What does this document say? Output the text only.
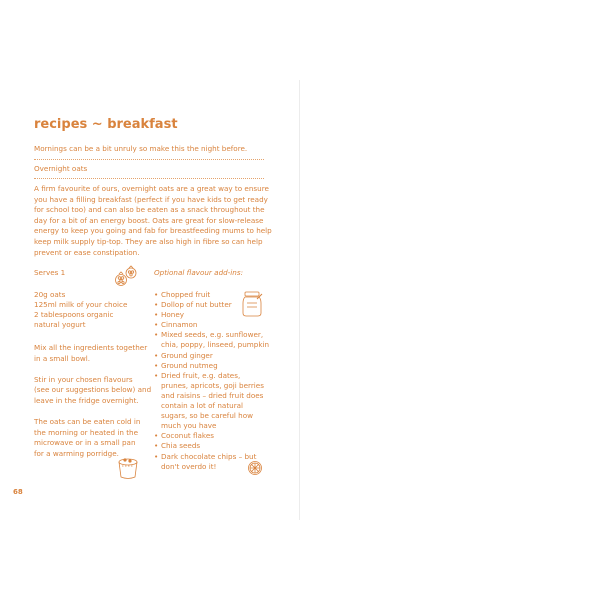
recipes ~ breakfast
Mornings can be a bit unruly so make this the night before.
Overnight oats
A firm favourite of ours, overnight oats are a great way to ensure
you have a filling breakfast (perfect if you have kids to get ready
for school too) and can also be eaten as a snack throughout the
day for a bit of an energy boost. Oats are great for slow-release
energy to keep you going and fab for breastfeeding mums to help
keep milk supply tip-top. They are also high in fibre so can help
prevent or ease constipation.
Serves 1
20g oats
125ml milk of your choice
2 tablespoons organic
natural yogurt
Mix all the ingredients together
in a small bowl.

Stir in your chosen flavours
(see our suggestions below) and
leave in the fridge overnight.

The oats can be eaten cold in
the morning or heated in the
microwave or in a small pan
for a warming porridge.
Optional flavour add-ins:
• Chopped fruit
• Dollop of nut butter
• Honey
• Cinnamon
• Mixed seeds, e.g. sunflower,
chia, poppy, linseed, pumpkin
• Ground ginger
• Ground nutmeg
• Dried fruit, e.g. dates,
prunes, apricots, goji berries
and raisins – dried fruit does
contain a lot of natural
sugars, so be careful how
much you have
• Coconut flakes
• Chia seeds
• Dark chocolate chips – but
don't overdo it!
68
